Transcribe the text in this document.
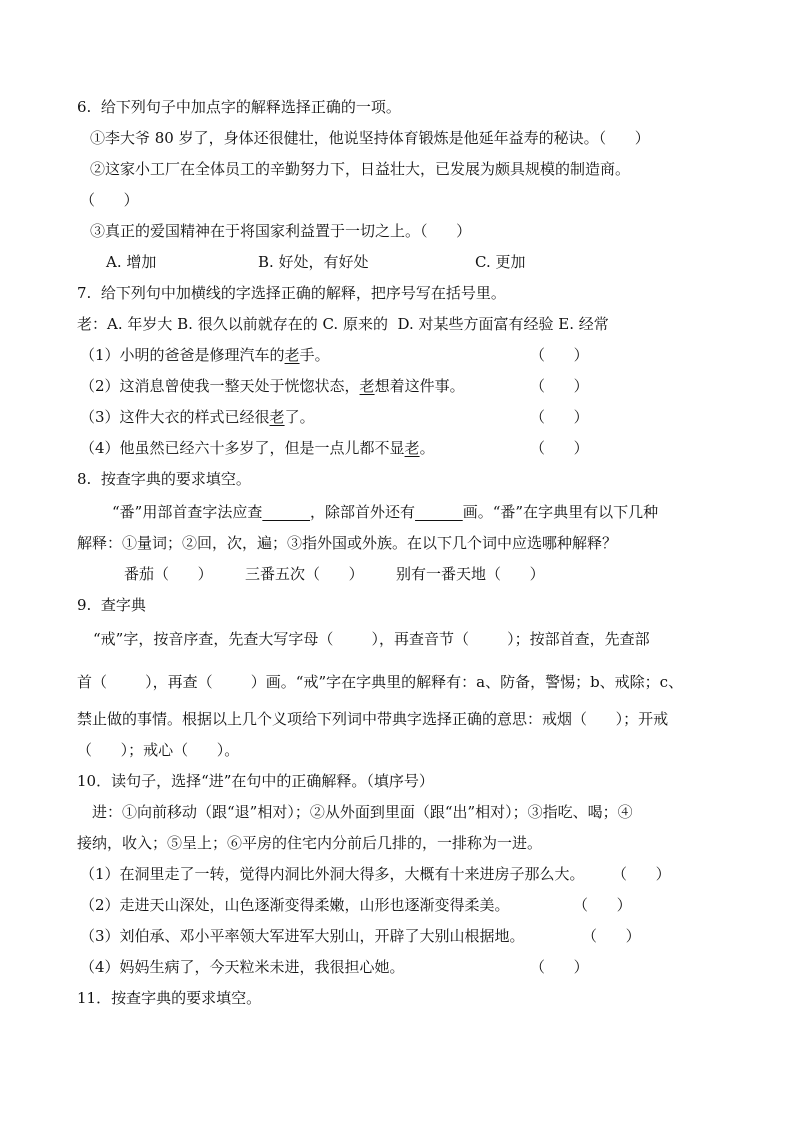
6.  给下列句子中加点字的解释选择正确的一项。
①李大爷 80 岁了，身体还很健壮，他说坚持体育锻炼是他延年益寿的秘诀。（      ）
②这家小工厂在全体员工的辛勤努力下，日益壮大，已发展为颇具规模的制造商。
（      ）
③真正的爱国精神在于将国家利益置于一切之上。（      ）
A. 增加	B. 好处，有好处	C. 更加
7.  给下列句中加横线的字选择正确的解释，把序号写在括号里。
老：A. 年岁大 B. 很久以前就存在的 C. 原来的  D. 对某些方面富有经验 E. 经常
（1）小明的爸爸是修理汽车的老手。	（      ）
（2）这消息曾使我一整天处于恍惚状态，老想着这件事。	（      ）
（3）这件大衣的样式已经很老了。	（      ）
（4）他虽然已经六十多岁了，但是一点儿都不显老。	（      ）
8.  按查字典的要求填空。
“番”用部首查字法应查	，除部首外还有	画。“番”在字典里有以下几种
解释：①量词；②回，次，遍；③指外国或外族。在以下几个词中应选哪种解释？
番茄（      ） 三番五次（      ） 别有一番天地（      ）
9.  查字典
“戒”字，按音序查，先查大写字母（        ），再查音节（        ）；按部首查，先查部
首（        ），再查（        ）画。“戒”字在字典里的解释有：a、防备，警惕；b、戒除；c、
禁止做的事情。根据以上几个义项给下列词中带典字选择正确的意思：戒烟（      ）；开戒
（      ）；戒心（      ）。
10．读句子，选择“进”在句中的正确解释。（填序号）
进：①向前移动（跟“退”相对）；②从外面到里面（跟“出”相对）；③指吃、喝；④
接纳，收入；⑤呈上；⑥平房的住宅内分前后几排的，一排称为一进。
（1）在洞里走了一转，觉得内洞比外洞大得多，大概有十来进房子那么大。 （      ）
（2）走进天山深处，山色逐渐变得柔嫩，山形也逐渐变得柔美。	（      ）
（3）刘伯承、邓小平率领大军进军大别山，开辟了大别山根据地。	（      ）
（4）妈妈生病了，今天粒米未进，我很担心她。	（      ）
11．按查字典的要求填空。
